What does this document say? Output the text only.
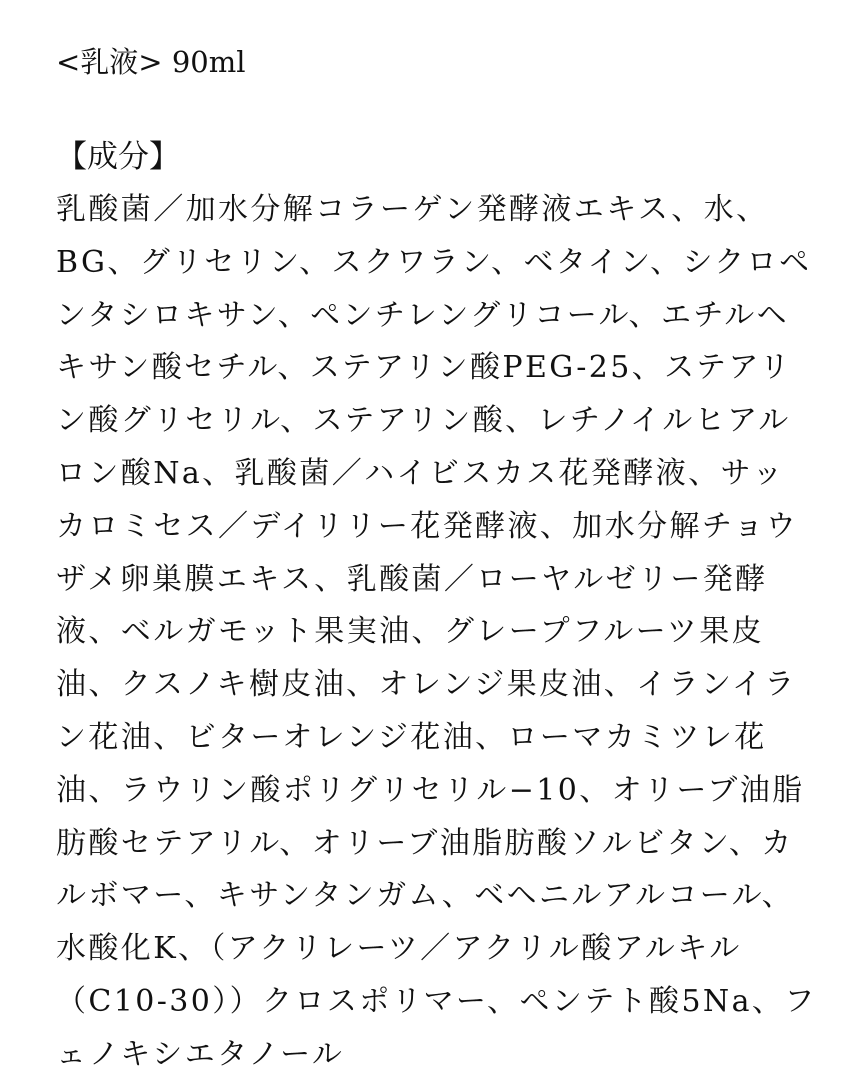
<乳液> 90ml
【成分】
乳酸菌／加水分解コラーゲン発酵液エキス、水、
BG、グリセリン、スクワラン、ベタイン、シクロペ
ンタシロキサン、ペンチレングリコール、エチルヘ
キサン酸セチル、ステアリン酸PEG-25、ステアリ
ン酸グリセリル、ステアリン酸、レチノイルヒアル
ロン酸Na、乳酸菌／ハイビスカス花発酵液、サッ
カロミセス／デイリリー花発酵液、加水分解チョウ
ザメ卵巣膜エキス、乳酸菌／ローヤルゼリー発酵
液、ベルガモット果実油、グレープフルーツ果皮
油、クスノキ樹皮油、オレンジ果皮油、イランイラ
ン花油、ビターオレンジ花油、ローマカミツレ花
油、ラウリン酸ポリグリセリル−10、オリーブ油脂
肪酸セテアリル、オリーブ油脂肪酸ソルビタン、カ
ルボマー、キサンタンガム、ベヘニルアルコール、
水酸化K、（アクリレーツ／アクリル酸アルキル
（C10-30））クロスポリマー、ペンテト酸5Na、フ
ェノキシエタノール
